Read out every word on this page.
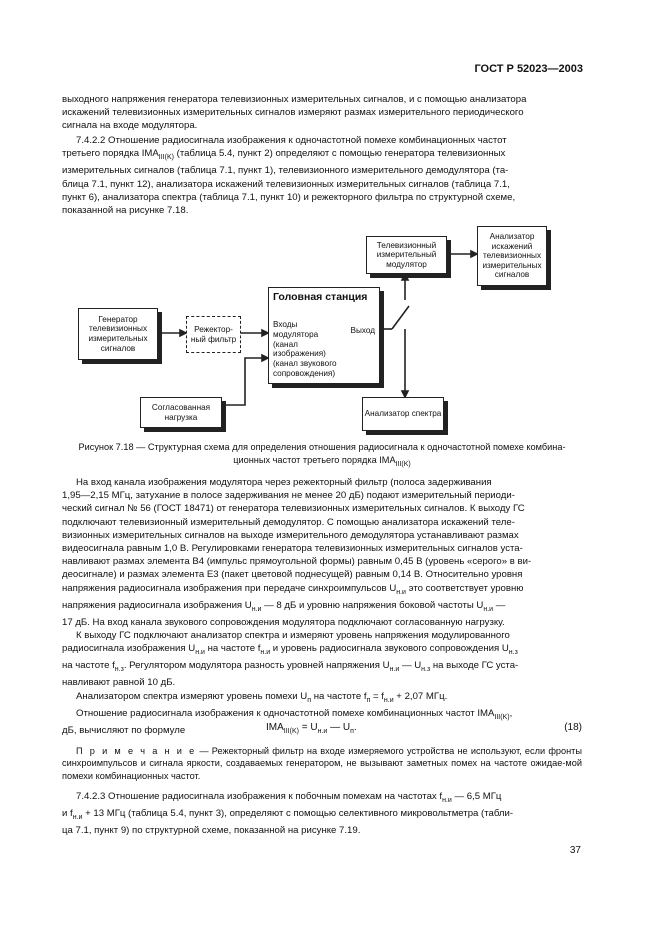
ГОСТ Р 52023—2003

выходного напряжения генератора телевизионных измерительных сигналов, и с помощью анализатора

искажений телевизионных измерительных сигналов измеряют размах измерительного периодического

сигнала на входе модулятора.

7.4.2.2 Отношение радиосигнала изображения к одночастотной помехе комбинационных частот

третьего порядка $IMA_{III(K)}$ (таблица 5.4, пункт 2) определяют с помощью генератора телевизионных

измерительных сигналов (таблица 7.1, пункт 1), телевизионного измерительного демодулятора (та-

блица 7.1, пункт 12), анализатора искажений телевизионных измерительных сигналов (таблица 7.1,

пункт 6), анализатора спектра (таблица 7.1, пункт 10) и режекторного фильтра по структурной схеме,

показанной на рисунке 7.18.

Генератор телевизионных измерительных сигналов
Режектор-ный фильтр
Головная станция
Входы модулятора (канал изображения) (канал звукового сопровождения)
Выход
Телевизионный измерительный модулятор
Анализатор искажений телевизионных измерительных сигналов
Согласованная нагрузка	Анализатор спектра
Рисунок 7.18 — Структурная схема для определения отношения радиосигнала к одночастотной помехе комбина-
ционных частот третьего порядка $IMA_{III(K)}$

На вход канала изображения модулятора через режекторный фильтр (полоса задерживания

1,95—2,15 МГц, затухание в полосе задерживания не менее 20 дБ) подают измерительный периоди-

ческий сигнал № 56 (ГОСТ 18471) от генератора телевизионных измерительных сигналов. К выходу ГС

подключают телевизионный измерительный демодулятор. С помощью анализатора искажений теле-

визионных измерительных сигналов на выходе измерительного демодулятора устанавливают размах

видеосигнала равным 1,0 В. Регулировками генератора телевизионных измерительных сигналов уста-

навливают размах элемента В4 (импульс прямоугольной формы) равным 0,45 В (уровень «серого» в ви-

деосигнале) и размах элемента Е3 (пакет цветовой поднесущей) равным 0,14 В. Относительно уровня

напряжения радиосигнала изображения при передаче синхроимпульсов $U_{н.и}$ это соответствует уровню

напряжения радиосигнала изображения $U_{н.и}$ — 8 дБ и уровню напряжения боковой частоты $U_{н.и}$ —

17 дБ. На вход канала звукового сопровождения модулятора подключают согласованную нагрузку.

К выходу ГС подключают анализатор спектра и измеряют уровень напряжения модулированного

радиосигнала изображения $U_{н.и}$ на частоте $f_{н.и}$ и уровень радиосигнала звукового сопровождения $U_{н.з}$

на частоте $f_{н.з}$. Регулятором модулятора разность уровней напряжения $U_{н.и}$ — $U_{н.з}$ на выходе ГС уста-

навливают равной 10 дБ.

Анализатором спектра измеряют уровень помехи $U_п$ на частоте $f_п = f_{н.и} + 2,07$ МГц.

Отношение радиосигнала изображения к одночастотной помехе комбинационных частот $IMA_{III(K)}$,

дБ, вычисляют по формуле	$IMA_{III(K)} = U_{н.и}$ — $U_п$.	(18)
П р и м е ч а н и е — Режекторный фильтр на входе измеряемого устройства не используют, если фронты синхроимпульсов и сигнала яркости, создаваемых генератором, не вызывают заметных помех на частоте ожидае-мой помехи комбинационных частот.

7.4.2.3 Отношение радиосигнала изображения к побочным помехам на частотах $f_{н.и}$ — 6,5 МГц

и $f_{н.и} + 13$ МГц (таблица 5.4, пункт 3), определяют с помощью селективного микровольтметра (табли-

ца 7.1, пункт 9) по структурной схеме, показанной на рисунке 7.19.

37
